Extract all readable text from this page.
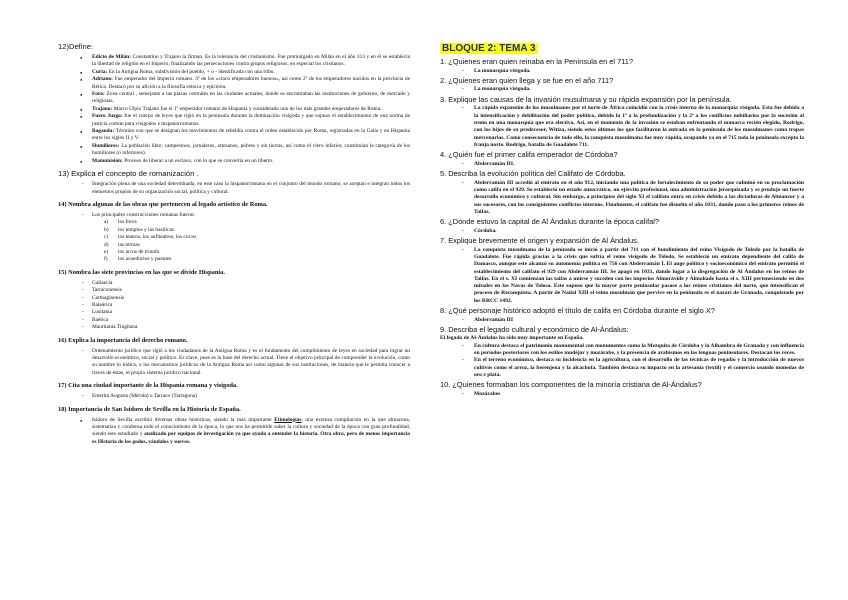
12)Define:
● Edicto de Milán: Constantino y Trajano la firman. Es la tolerancia del cristianismo. Fue promulgado en Milán en el año 313 y en él se establecía la libertad de religión en el Imperio, finalizando las persecuciones contra grupos religiosos, en especial los cristianos.
● Curia: En la Antigua Roma, subdivisión del pueblo, + o - identificada con una tribu.
● Adriano: Fue emperador del Imperio romano. 3º de los «cinco emperadores buenos», así como 2º de los emperadores nacidos en la provincia de Bética. Destacó por su afición a la filosofía estoica y epicúrea.
● Foro: Zona central , semejante a las plazas centrales en las ciudades actuales, donde se encontraban las instituciones de gobierno, de mercado y religiosas.
● Trajano: Marco Ulpio Trajano fue el 1º emperador romano de Hispania y considerado uno de los más grandes emperadores de Roma.
● Fuero Juzgo: fue el cuerpo de leyes que rigió en la península durante la dominación visigoda y que supuso el establecimiento de una norma de justicia común para visigodos e hispanorromanos.
● Bagauda: Término con que se designan los movimientos de rebeldía contra el orden establecido por Roma, registradas en la Galia y en Hispania entre los siglos II y V.
● Humiliores: La población libre, campesinos, jornaleros, artesanos, pobres y sin tierras, así como el clero inferior, constituían la categoría de los humiliores (o inferiores).
● Manumisión: Proceso de liberar a un esclavo, con lo que se convertía en un liberto.
13) Explica el concepto de romanización .
- Integración plena de una sociedad determinada, en este caso la hispanorromana en el conjunto del mundo romano; se aceptan e integran todos los elementos propios de su organización social, política y cultural.
14) Nombra algunas de las obras que pertenecen al legado artístico de Roma.
- Los principales construcciones romanas fueron:
a) los foros
b) los templos y las basílicas
c) los teatros, los anfiteatros, los circos
d) las termas
e) los arcos de triunfo
f) los acueductos y puentes
15) Nombra las siete provincias en las que se divide Hispania.
- Gallaecia
- Tarraconensis
- Carthaginensis
- Baleárica
- Lusitania
- Baética
- Mauritania Tingitana
16) Explica la importancia del derecho romano.
- Ordenamiento jurídico que rigió a los ciudadanos de la Antigua Roma y es el fundamento del cumplimiento de leyes en sociedad para lograr un desarrollo económico, social y político. Es clave, pues es la base del derecho actual. Tiene el objetivo principal de comprender la evolución, como su nombre lo indica, o los mecanismos jurídicos de la Antigua Roma así como algunas de sus instituciones, de manera que le permita conocer a través de éstas, el propio sistema jurídico nacional.
17) Cita una ciudad importante de la Hispania romana y visigoda.
- Emerita Augusta (Mérida) o Tarraco (Tarragona)
18) Importancia de San Isidoro de Sevilla en la Historia de España.
● Isidoro de Sevilla escribió diversas obras históricas, siendo la más importante Etimologías, una extensa compilación en la que almacena, sistematiza y condensa todo el conocimiento de la época, lo que nos ha permitido saber la cultura y sociedad de la época con gran profundidad, siendo este estudiado y analizado por equipos de investigación ya que ayuda a entender la historia. Otra obra, pero de menos importancia es Historia de los godos, vándalos y suevos.
BLOQUE 2: TEMA 3
1. ¿Quienes eran quien reinaba en la Península en el 711?
- La monarquía visigoda.
2. ¿Quienes eran quien llega y se fue en el año 711?
- La monarquía visigoda.
3. Explique las causas de la invasión musulmana y su rápida expansión por la península.
- La rápida expansión de los musulmanes por el norte de África coincidió con la crisis interna de la monarquía visigoda. Esta fue debida a la intensificación y debilitación del poder político, debido la 1ª a la profundización y la 2ª a los conflictos nobiliarios por la sucesión al trono en una monarquía que era electiva. Así, en el momento de la invasión se estaban enfrentando el monarca recién elegido, Rodrigo, con los hijos de su predecesor, Witiza, siendo estos últimos los que facilitaron la entrada en la península de los musulmanes como tropas mercenarias. Como consecuencia de todo ello, la conquista musulmana fue muy rápida, ocupando ya en el 715 toda la península excepto la franja norte. Rodrigo, batalla de Guadalete 711.
4. ¿Quién fue el primer califa emperador de Córdoba?
- Abderramán III.
5. Describa la evolución política del Califato de Córdoba.
- Abderramán III accedió al emirato en el año 912, iniciando una política de fortalecimiento de su poder que culminó en su proclamación como califa en el 929. Se estableció un estado autocrático, un ejército profesional, una administración jerarquizada y se produjo un fuerte desarrollo económico y cultural. Sin embargo, a principios del siglo XI el califato entra en crisis debido a las dictaduras de Almanzor y a sus sucesores, con los consiguientes conflictos internos. Finalmente, el califato fue disuelto el año 1031, dando paso a los primeros reinos de Taifas.
6. ¿Dónde estuvo la capital de Al Ándalus durante la época califal?
- Córdoba.
7. Explique brevemente el origen y expansión de Al Ándalus.
- La conquista musulmana de la península se inició a partir del 711 con el hundimiento del reino Visigodo de Toledo por la batalla de Guadalete. Fue rápida gracias a la crisis que sufría el reino visigodo de Toledo. Se estableció un emirato dependiente del califa de Damasco, aunque este alcanzó su autonomía política en 756 con Abderramán I. El auge político y socioeconómico del emirato permitió el establecimiento del califato el 929 con Abderramán III. Se apagó en 1031, dando lugar a la disgregación de Al Ándalus en los reinos de Taifas. En el s. XI comienzan las taifas a unirse y suceden con los imperios Almorávide y Almohade hasta el s. XIII perteneciendo en dos mitades en las Navas de Tolosa. Este supuso que la mayor parte peninsular pasase a los reinos cristianos del norte, que intensifican el proceso de Reconquista. A partir de Nadal XIII el reino musulmán que pervive en la península es el nazarí de Granada, conquistado por los RRCC 1492.
8. ¿Qué personaje histórico adoptó el título de califa en Córdoba durante el siglo X?
- Abderramán III
9. Describa el legado cultural y económico de Al-Ándalus:
El legado de Al-Ándalus ha sido muy importante en España.
- En cultura destaca el patrimonio monumental con monumentos como la Mezquita de Córdoba y la Alhambra de Granada y con influencia en períodos posteriores con los estilos mudéjar y mozárabe, y la presencia de arabismos en las lenguas peninsulares. Destacan los reces.
- En el terreno económico, destaca su incidencia en la agricultura, con el desarrollo de las técnicas de regadío y la introducción de nuevos cultivos como el arroz, la berenjena y la alcachofa. También destaca su impacto en la artesanía (textil) y el comercio usando monedas de oro e plata.
10. ¿Quienes formaban los componentes de la minoría cristiana de Al-Ándalus?
- Mozárabes
